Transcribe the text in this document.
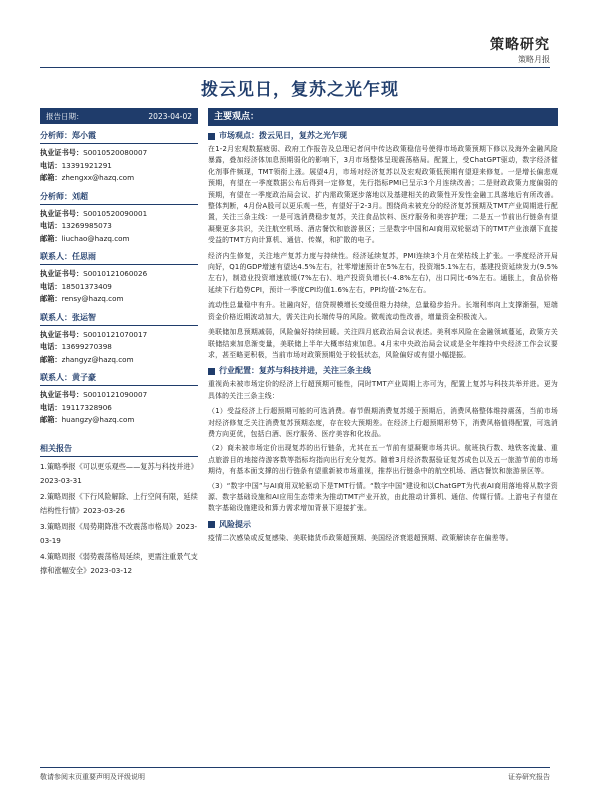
策略研究
策略月报
拨云见日，复苏之光乍现
报告日期：	2023-04-02
分析师：郑小霞
执业证书号：S0010520080007
电话：13391921291
邮箱：zhengxx@hazq.com
分析师：刘超
执业证书号：S0010520090001
电话：13269985073
邮箱：liuchao@hazq.com
联系人：任思雨
执业证书号：S0010121060026
电话：18501373409
邮箱：rensy@hazq.com
联系人：张运智
执业证书号：S0010121070017
电话：13699270398
邮箱：zhangyz@hazq.com
联系人：黄子豪
执业证书号：S0010121090007
电话：19117328906
邮箱：huangzy@hazq.com
相关报告
1.策略季报《可以更乐观些——复苏与科技并进》2023-03-31
2.策略周报《下行风险解除、上行空间有限，延续结构性行情》2023-03-26
3.策略周报《局势期降准不改震荡市格局》2023-03-19
4.策略周报《弱势震荡格局延续，更需注重景气支撑和涨幅安全》2023-03-12
主要观点：
市场观点：拨云见日，复苏之光乍现
在1-2月宏观数据疲弱、政府工作报告及总理记者问中传达政策稳信号使得市场政策预期下修以及海外金融风险暴露，叠加经济体加息预期弱化的影响下，3月市场整体呈现震荡格局。配置上，受ChatGPT驱动，数字经济催化剂事件频现，TMT领衔上涨。展望4月，市场对经济复苏以及宏观政策低预期有望迎来修复。一是增长偏悲观预期，有望在一季度数据公布后得到一定修复，先行指标PMI已呈示3个月连续改善；二是财政政策力度偏弱的预期，有望在一季度政治局会议、扩内需政策逐步落地以及基建相关的政策性开发性金融工具落地后有所改善。整体判断，4月份A股可以更乐观一些，有望好于2-3月。围绕尚未被充分的经济复苏预期及TMT产业周期进行配置，关注三条主线：一是可选消费稳步复苏，关注食品饮料、医疗服务和美容护理；二是五一节前出行链条有望凝聚更多共识，关注航空机场、酒店餐饮和旅游景区；三是数字中国和AI商用双轮驱动下的TMT产业浪潮下直接受益的TMT方向计算机、通信、传媒，和扩散的电子。
经济内生修复，关注地产复苏力度与持续性。经济延续复苏，PMI连续3个月在荣枯线上扩张。一季度经济开局向好，Q1的GDP增速有望达4.5%左右，社零增速预计在5%左右，投资端5.1%左右，基建投资延续发力(9.5%左右)，制造业投资增速放缓(7%左右)、地产投资负增长(-4.8%左右)，出口同比-6%左右。通胀上，食品价格延续下行趋势CPI，预计一季度CPI均值1.6%左右，PPI均值-2%左右。
流动性总量稳中有升。社融向好，信贷规模增长变缓但维力持续，总量稳步抬升。长端利率向上支撑渐强，短端资金价格近期波动加大，需关注向长端传导的风险。微观流动性改善，增量资金积极流入。
美联储加息预期减弱，风险偏好持续回暖。关注四月底政治局会议表述。美利率风险在金融领域蔓延，政策方关联储结束加息渐变量，美联储上半年大概率结束加息。4月末中央政治局会议或是全年维持中央经济工作会议要求，甚至略更积极，当前市场对政策预期处于较低状态，风险偏好或有望小幅提振。
行业配置：复苏与科技并进，关注三条主线
重视尚未被市场定价的经济上行超预期可能性，同时TMT产业周期上亦可为，配置上复苏与科技共举并进。更为具体的关注三条主线：
（1）受益经济上行超预期可能的可选消费。春节假期消费复苏缓于预期后，消费风格整体维持震荡，当前市场对经济修复乏关注消费复苏预期态度，存在较大预期差。在经济上行超预期形势下，消费风格值得配置，可选消费方向更优，包括白酒、医疗服务、医疗美容和化妆品。
（2）商未被市场定价出现复苏的出行链条，尤其在五一节前有望凝聚市场共识。航班执行数、地铁客流量、重点旅游目的地接待游客数等指标均指向出行充分复苏。随着3月经济数据验证复苏成色以及五一旅游节前的市场期待，有基本面支撑的出行链条有望重新被市场重视，推荐出行链条中的航空机场、酒店餐饮和旅游景区等。
（3）“数字中国”与AI商用双轮驱动下是TMT行情。“数字中国”建设和以ChatGPT为代表AI商用落地将从数字资源、数字基础设施和AI应用生态带来为推动TMT产业开放，由此推动计算机、通信、传媒行情。上游电子有望在数字基础设施建设和算力需求增加背景下迎接扩张。
风险提示
疫情二次感染或反复感染、美联储货币政策超预期、美国经济衰退超预期、政策解读存在偏差等。
敬请参阅末页重要声明及评级说明	证券研究报告
